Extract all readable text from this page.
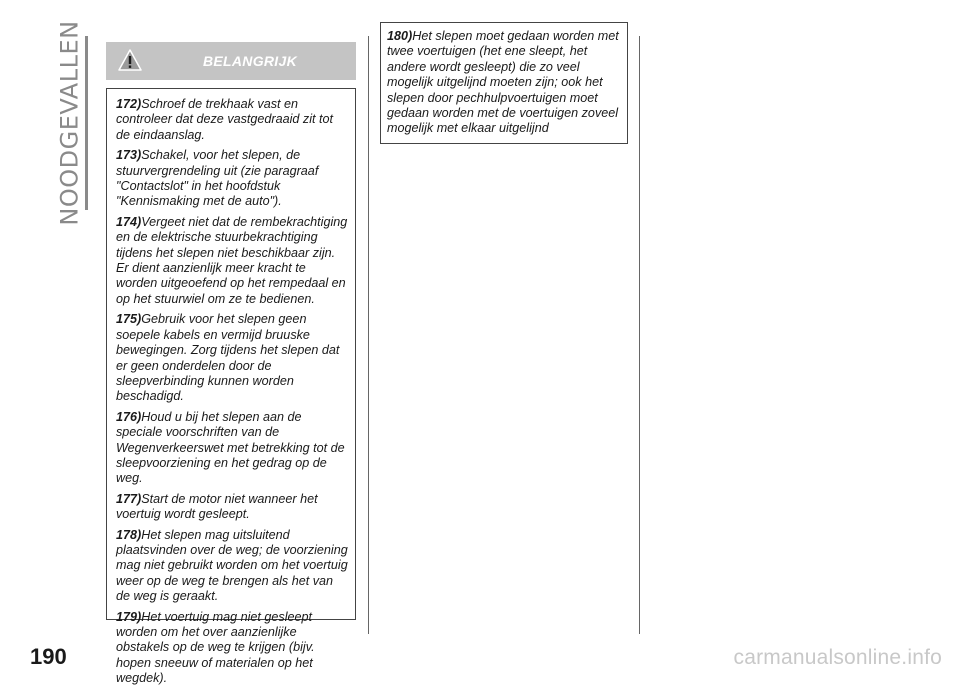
NOODGEVALLEN	BELANGRIJK

172)Schroef de trekhaak vast en controleer dat deze vastgedraaid zit tot de eindaanslag.

173)Schakel, voor het slepen, de stuurvergrendeling uit (zie paragraaf "Contactslot" in het hoofdstuk "Kennismaking met de auto").

174)Vergeet niet dat de rembekrachtiging en de elektrische stuurbekrachtiging tijdens het slepen niet beschikbaar zijn. Er dient aanzienlijk meer kracht te worden uitgeoefend op het rempedaal en op het stuurwiel om ze te bedienen.

175)Gebruik voor het slepen geen soepele kabels en vermijd bruuske bewegingen. Zorg tijdens het slepen dat er geen onderdelen door de sleepverbinding kunnen worden beschadigd.

176)Houd u bij het slepen aan de speciale voorschriften van de Wegenverkeerswet met betrekking tot de sleepvoorziening en het gedrag op de weg.

177)Start de motor niet wanneer het voertuig wordt gesleept.

178)Het slepen mag uitsluitend plaatsvinden over de weg; de voorziening mag niet gebruikt worden om het voertuig weer op de weg te brengen als het van de weg is geraakt.

179)Het voertuig mag niet gesleept worden om het over aanzienlijke obstakels op de weg te krijgen (bijv. hopen sneeuw of materialen op het wegdek).

180)Het slepen moet gedaan worden met twee voertuigen (het ene sleept, het andere wordt gesleept) die zo veel mogelijk uitgelijnd moeten zijn; ook het slepen door pechhulpvoertuigen moet gedaan worden met de voertuigen zoveel mogelijk met elkaar uitgelijnd

190	carmanualsonline.info
